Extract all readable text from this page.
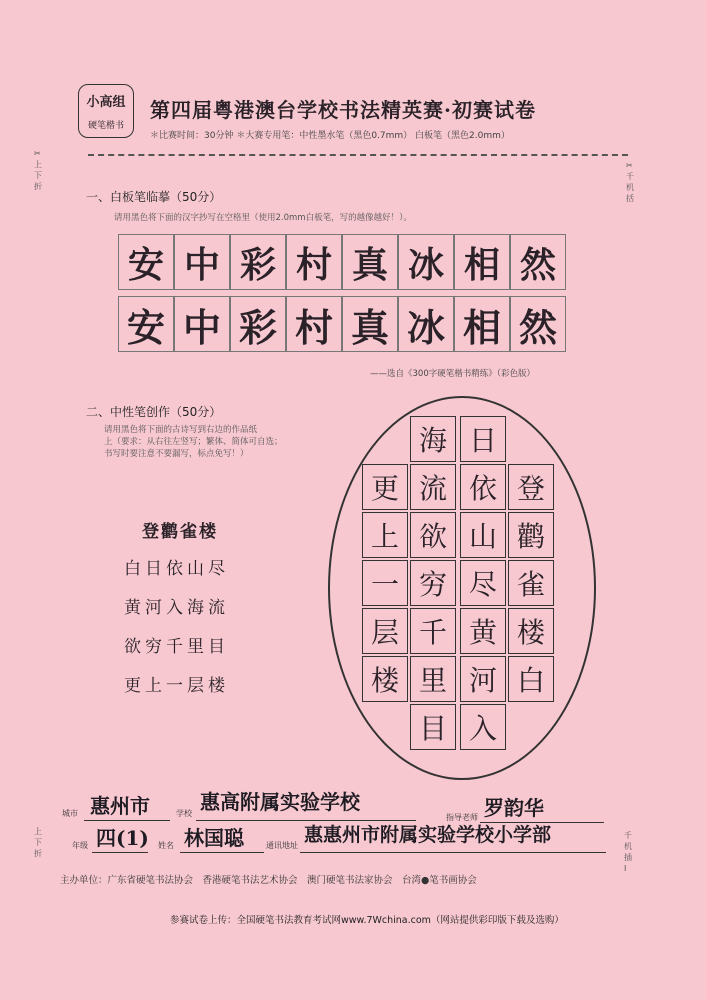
小高组
硬笔楷书
第四届粤港澳台学校书法精英赛·初赛试卷
＊比赛时间：30分钟 ＊大赛专用笔：中性墨水笔（黑色0.7mm） 白板笔（黑色2.0mm）
✂
上 下 折
✂
千 机 括
上 下 折
千 机 插 I
一、白板笔临摹（50分）
请用黑色将下面的汉字抄写在空格里（使用2.0mm白板笔，写的越像越好！）。
安 中 彩 村 真 冰 相 然
安 中 彩 村 真 冰 相 然
——选自《300字硬笔楷书精练》（彩色版）
二、中性笔创作（50分）
请用黑色将下面的古诗写到右边的作品纸
上（要求：从右往左竖写；繁体、简体可自选；
书写时要注意不要漏写，标点免写！）
登鹳雀楼
白日依山尽
黄河入海流
欲穷千里目
更上一层楼
日
依
山
尽
黄
河
入
海
流
欲
穷
千
里
目
登
鹳
雀
楼
白
更
上
一
层
楼
城市 惠州市	学校 惠高附属实验学校
指导老师 罗韵华
年级 四(1) 姓名 林国聪	通讯地址 惠惠州市附属实验学校小学部
主办单位：广东省硬笔书法协会　香港硬笔书法艺术协会　澳门硬笔书法家协会　台湾●笔书画协会
参赛试卷上传：全国硬笔书法教育考试网www.7Wchina.com（网站提供彩印版下载及选购）
